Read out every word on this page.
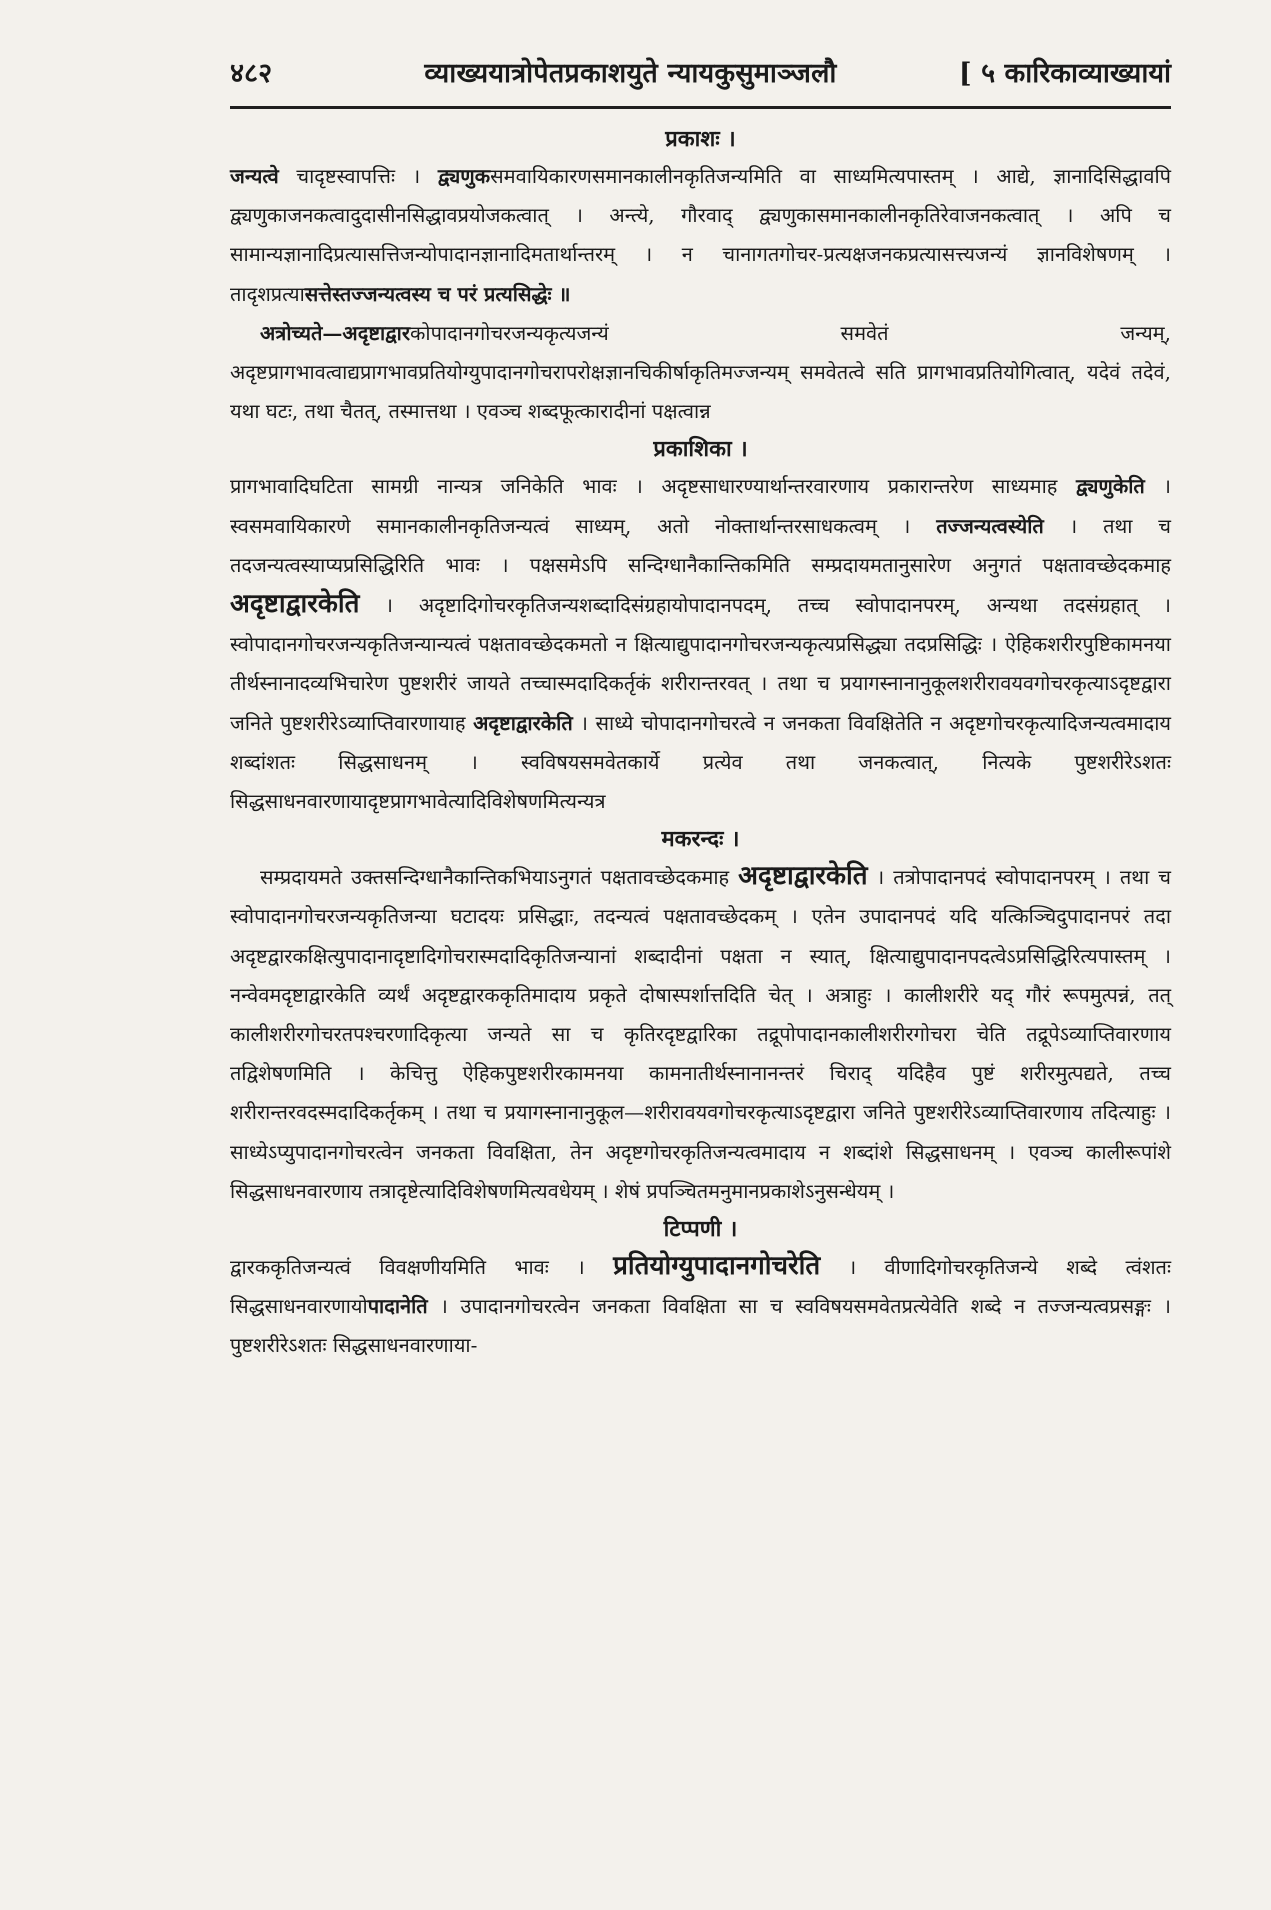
४८२	व्याख्ययात्रोपेतप्रकाशयुते न्यायकुसुमाञ्जलौ	[ ५ कारिकाव्याख्यायां
प्रकाशः ।

जन्यत्वे चादृष्टस्वापत्तिः । द्व्यणुकसमवायिकारणसमानकालीनकृतिजन्यमिति वा साध्यमित्यपास्तम् । आद्ये, ज्ञानादिसिद्धावपि द्व्यणुकाजनकत्वादुदासीनसिद्धावप्रयोजकत्वात् । अन्त्ये, गौरवाद् द्व्यणुकासमानकालीनकृतिरेवाजनकत्वात् । अपि च सामान्यज्ञानादिप्रत्यासत्तिजन्योपादानज्ञानादिमतार्थान्तरम् । न चानागतगोचर-प्रत्यक्षजनकप्रत्यासत्त्यजन्यं ज्ञानविशेषणम् । तादृशप्रत्यासत्तेस्तज्जन्यत्वस्य च परं प्रत्यसिद्धेः ॥

अत्रोच्यते—अदृष्टाद्वारकोपादानगोचरजन्यकृत्यजन्यं समवेतं जन्यम्, अदृष्टप्रागभावत्वाद्यप्रागभावप्रतियोग्युपादानगोचरापरोक्षज्ञानचिकीर्षाकृतिमज्जन्यम् समवेतत्वे सति प्रागभावप्रतियोगित्वात्, यदेवं तदेवं, यथा घटः, तथा चैतत्, तस्मात्तथा । एवञ्च शब्दफूत्कारादीनां पक्षत्वान्न

प्रकाशिका ।

प्रागभावादिघटिता सामग्री नान्यत्र जनिकेति भावः । अदृष्टसाधारण्यार्थान्तरवारणाय प्रकारान्तरेण साध्यमाह द्व्यणुकेति । स्वसमवायिकारणे समानकालीनकृतिजन्यत्वं साध्यम्, अतो नोक्तार्थान्तरसाधकत्वम् । तज्जन्यत्वस्येति । तथा च तदजन्यत्वस्याप्यप्रसिद्धिरिति भावः । पक्षसमेऽपि सन्दिग्धानैकान्तिकमिति सम्प्रदायमतानुसारेण अनुगतं पक्षतावच्छेदकमाह अदृष्टाद्वारकेति । अदृष्टादिगोचरकृतिजन्यशब्दादिसंग्रहायोपादानपदम्, तच्च स्वोपादानपरम्, अन्यथा तदसंग्रहात् । स्वोपादानगोचरजन्यकृतिजन्यान्यत्वं पक्षतावच्छेदकमतो न क्षित्याद्युपादानगोचरजन्यकृत्यप्रसिद्ध्या तदप्रसिद्धिः । ऐहिकशरीरपुष्टिकामनया तीर्थस्नानादव्यभिचारेण पुष्टशरीरं जायते तच्चास्मदादिकर्तृकं शरीरान्तरवत् । तथा च प्रयागस्नानानुकूलशरीरावयवगोचरकृत्याऽदृष्टद्वारा जनिते पुष्टशरीरेऽव्याप्तिवारणायाह अदृष्टाद्वारकेति । साध्ये चोपादानगोचरत्वे न जनकता विवक्षितेति न अदृष्टगोचरकृत्यादिजन्यत्वमादाय शब्दांशतः सिद्धसाधनम् । स्वविषयसमवेतकार्ये प्रत्येव तथा जनकत्वात्, नित्यके पुष्टशरीरेऽशतः सिद्धसाधनवारणायादृष्टप्रागभावेत्यादिविशेषणमित्यन्यत्र

मकरन्दः ।

सम्प्रदायमते उक्तसन्दिग्धानैकान्तिकभियाऽनुगतं पक्षतावच्छेदकमाह अदृष्टाद्वारकेति । तत्रोपादानपदं स्वोपादानपरम् । तथा च स्वोपादानगोचरजन्यकृतिजन्या घटादयः प्रसिद्धाः, तदन्यत्वं पक्षतावच्छेदकम् । एतेन उपादानपदं यदि यत्किञ्चिदुपादानपरं तदा अदृष्टद्वारकक्षित्युपादानादृष्टादिगोचरास्मदादिकृतिजन्यानां शब्दादीनां पक्षता न स्यात्, क्षित्याद्युपादानपदत्वेऽप्रसिद्धिरित्यपास्तम् । नन्वेवमदृष्टाद्वारकेति व्यर्थं अदृष्टद्वारककृतिमादाय प्रकृते दोषास्पर्शात्तदिति चेत् । अत्राहुः । कालीशरीरे यद् गौरं रूपमुत्पन्नं, तत् कालीशरीरगोचरतपश्चरणादिकृत्या जन्यते सा च कृतिरदृष्टद्वारिका तद्रूपोपादानकालीशरीरगोचरा चेति तद्रूपेऽव्याप्तिवारणाय तद्विशेषणमिति । केचित्तु ऐहिकपुष्टशरीरकामनया कामनातीर्थस्नानानन्तरं चिराद् यदिहैव पुष्टं शरीरमुत्पद्यते, तच्च शरीरान्तरवदस्मदादिकर्तृकम् । तथा च प्रयागस्नानानुकूल—शरीरावयवगोचरकृत्याऽदृष्टद्वारा जनिते पुष्टशरीरेऽव्याप्तिवारणाय तदित्याहुः । साध्येऽप्युपादानगोचरत्वेन जनकता विवक्षिता, तेन अदृष्टगोचरकृतिजन्यत्वमादाय न शब्दांशे सिद्धसाधनम् । एवञ्च कालीरूपांशे सिद्धसाधनवारणाय तत्रादृष्टेत्यादिविशेषणमित्यवधेयम् । शेषं प्रपञ्चितमनुमानप्रकाशेऽनुसन्धेयम् ।

टिप्पणी ।

द्वारककृतिजन्यत्वं विवक्षणीयमिति भावः । प्रतियोग्युपादानगोचरेति । वीणादिगोचरकृतिजन्ये शब्दे त्वंशतः सिद्धसाधनवारणायोपादानेति । उपादानगोचरत्वेन जनकता विवक्षिता सा च स्वविषयसमवेतप्रत्येवेति शब्दे न तज्जन्यत्वप्रसङ्गः । पुष्टशरीरेऽशतः सिद्धसाधनवारणाया-
